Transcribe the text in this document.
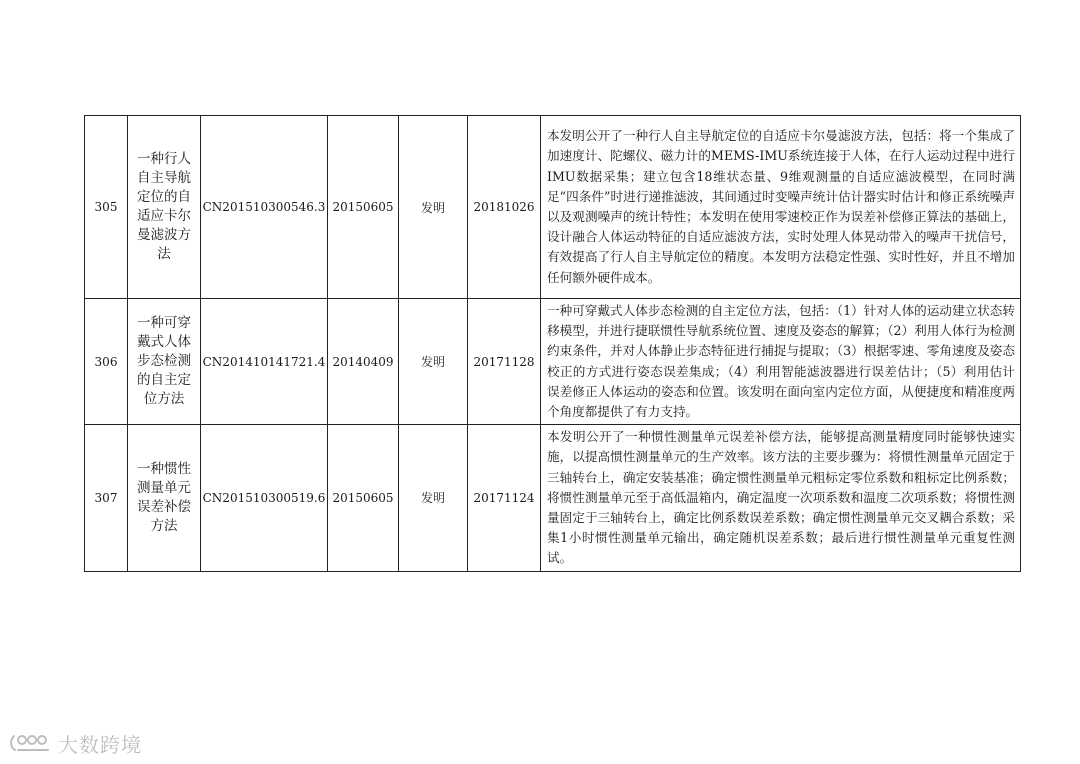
305	一种行人自主导航定位的自适应卡尔曼滤波方法	CN201510300546.3	20150605	发明	20181026	本发明公开了一种行人自主导航定位的自适应卡尔曼滤波方法，包括：将一个集成了加速度计、陀螺仪、磁力计的MEMS-IMU系统连接于人体，在行人运动过程中进行IMU数据采集；建立包含18维状态量、9维观测量的自适应滤波模型，在同时满足“四条件”时进行递推滤波，其间通过时变噪声统计估计器实时估计和修正系统噪声以及观测噪声的统计特性；本发明在使用零速校正作为误差补偿修正算法的基础上，设计融合人体运动特征的自适应滤波方法，实时处理人体晃动带入的噪声干扰信号，有效提高了行人自主导航定位的精度。本发明方法稳定性强、实时性好，并且不增加任何额外硬件成本。

306	一种可穿戴式人体步态检测的自主定位方法	CN201410141721.4	20140409	发明	20171128	一种可穿戴式人体步态检测的自主定位方法，包括：（1）针对人体的运动建立状态转移模型，并进行捷联惯性导航系统位置、速度及姿态的解算；（2）利用人体行为检测约束条件，并对人体静止步态特征进行捕捉与提取；（3）根据零速、零角速度及姿态校正的方式进行姿态误差集成；（4）利用智能滤波器进行误差估计；（5）利用估计误差修正人体运动的姿态和位置。该发明在面向室内定位方面，从便捷度和精准度两个角度都提供了有力支持。

307	一种惯性测量单元误差补偿方法	CN201510300519.6	20150605	发明	20171124	本发明公开了一种惯性测量单元误差补偿方法，能够提高测量精度同时能够快速实施，以提高惯性测量单元的生产效率。该方法的主要步骤为：将惯性测量单元固定于三轴转台上，确定安装基准；确定惯性测量单元粗标定零位系数和粗标定比例系数；将惯性测量单元至于高低温箱内，确定温度一次项系数和温度二次项系数；将惯性测量固定于三轴转台上，确定比例系数误差系数；确定惯性测量单元交叉耦合系数；采集1小时惯性测量单元输出，确定随机误差系数；最后进行惯性测量单元重复性测试。
大数跨境
